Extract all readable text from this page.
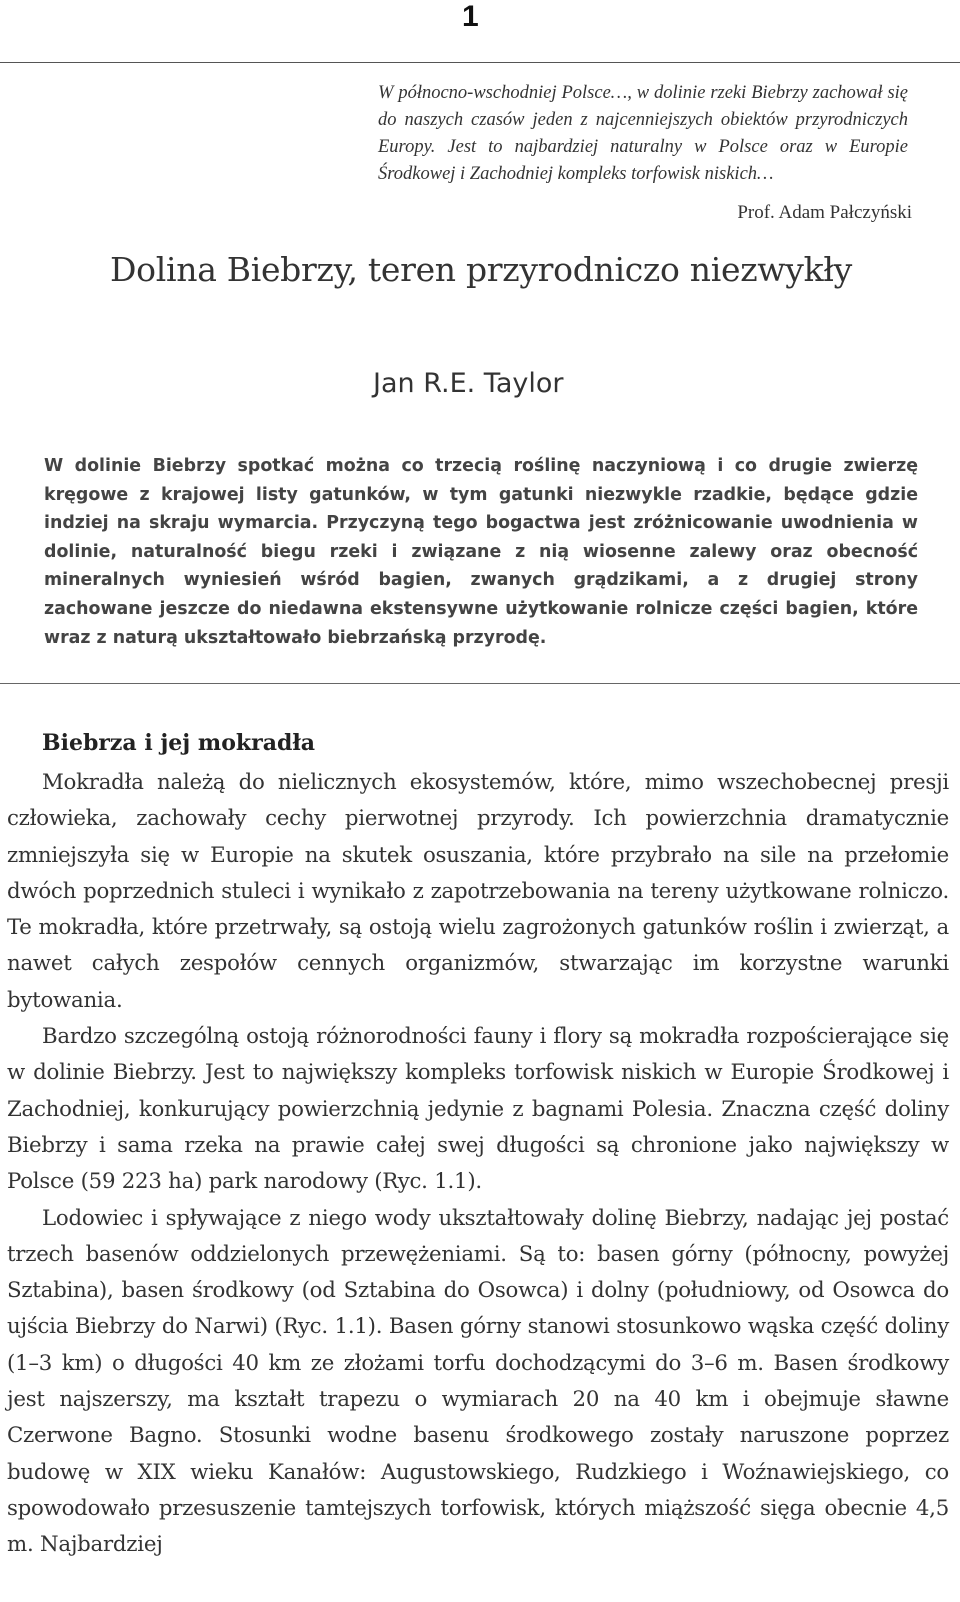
1
W północno-wschodniej Polsce…, w dolinie rzeki Biebrzy zachował się do naszych czasów jeden z najcenniejszych obiektów przyrodniczych Europy. Jest to najbardziej naturalny w Polsce oraz w Europie Środkowej i Zachodniej kompleks torfowisk niskich…
Prof. Adam Pałczyński
Dolina Biebrzy, teren przyrodniczo niezwykły
Jan R.E. Taylor
W dolinie Biebrzy spotkać można co trzecią roślinę naczyniową i co drugie zwierzę kręgowe z krajowej listy gatunków, w tym gatunki niezwykle rzadkie, będące gdzie indziej na skraju wymarcia. Przyczyną tego bogactwa jest zróżnicowanie uwodnienia w dolinie, naturalność biegu rzeki i związane z nią wiosenne zalewy oraz obecność mineralnych wyniesień wśród bagien, zwanych grądzikami, a z drugiej strony zachowane jeszcze do niedawna ekstensywne użytkowanie rolnicze części bagien, które wraz z naturą ukształtowało biebrzańską przyrodę.
Biebrza i jej mokradła

Mokradła należą do nielicznych ekosystemów, które, mimo wszechobecnej presji człowieka, zachowały cechy pierwotnej przyrody. Ich powierzchnia dramatycznie zmniejszyła się w Europie na skutek osuszania, które przybrało na sile na przełomie dwóch poprzednich stuleci i wynikało z zapotrzebowania na tereny użytkowane rolniczo. Te mokradła, które przetrwały, są ostoją wielu zagrożonych gatunków roślin i zwierząt, a nawet całych zespołów cennych organizmów, stwarzając im korzystne warunki bytowania.

Bardzo szczególną ostoją różnorodności fauny i flory są mokradła rozpościerające się w dolinie Biebrzy. Jest to największy kompleks torfowisk niskich w Europie Środkowej i Zachodniej, konkurujący powierzchnią jedynie z bagnami Polesia. Znaczna część doliny Biebrzy i sama rzeka na prawie całej swej długości są chronione jako największy w Polsce (59 223 ha) park narodowy (Ryc. 1.1).

Lodowiec i spływające z niego wody ukształtowały dolinę Biebrzy, nadając jej postać trzech basenów oddzielonych przewężeniami. Są to: basen górny (północny, powyżej Sztabina), basen środkowy (od Sztabina do Osowca) i dolny (południowy, od Osowca do ujścia Biebrzy do Narwi) (Ryc. 1.1). Basen górny stanowi stosunkowo wąska część doliny (1–3 km) o długości 40 km ze złożami torfu dochodzącymi do 3–6 m. Basen środkowy jest najszerszy, ma kształt trapezu o wymiarach 20 na 40 km i obejmuje sławne Czerwone Bagno. Stosunki wodne basenu środkowego zostały naruszone poprzez budowę w XIX wieku Kanałów: Augustowskiego, Rudzkiego i Woźnawiejskiego, co spowodowało przesuszenie tamtejszych torfowisk, których miąższość sięga obecnie 4,5 m. Najbardziej
